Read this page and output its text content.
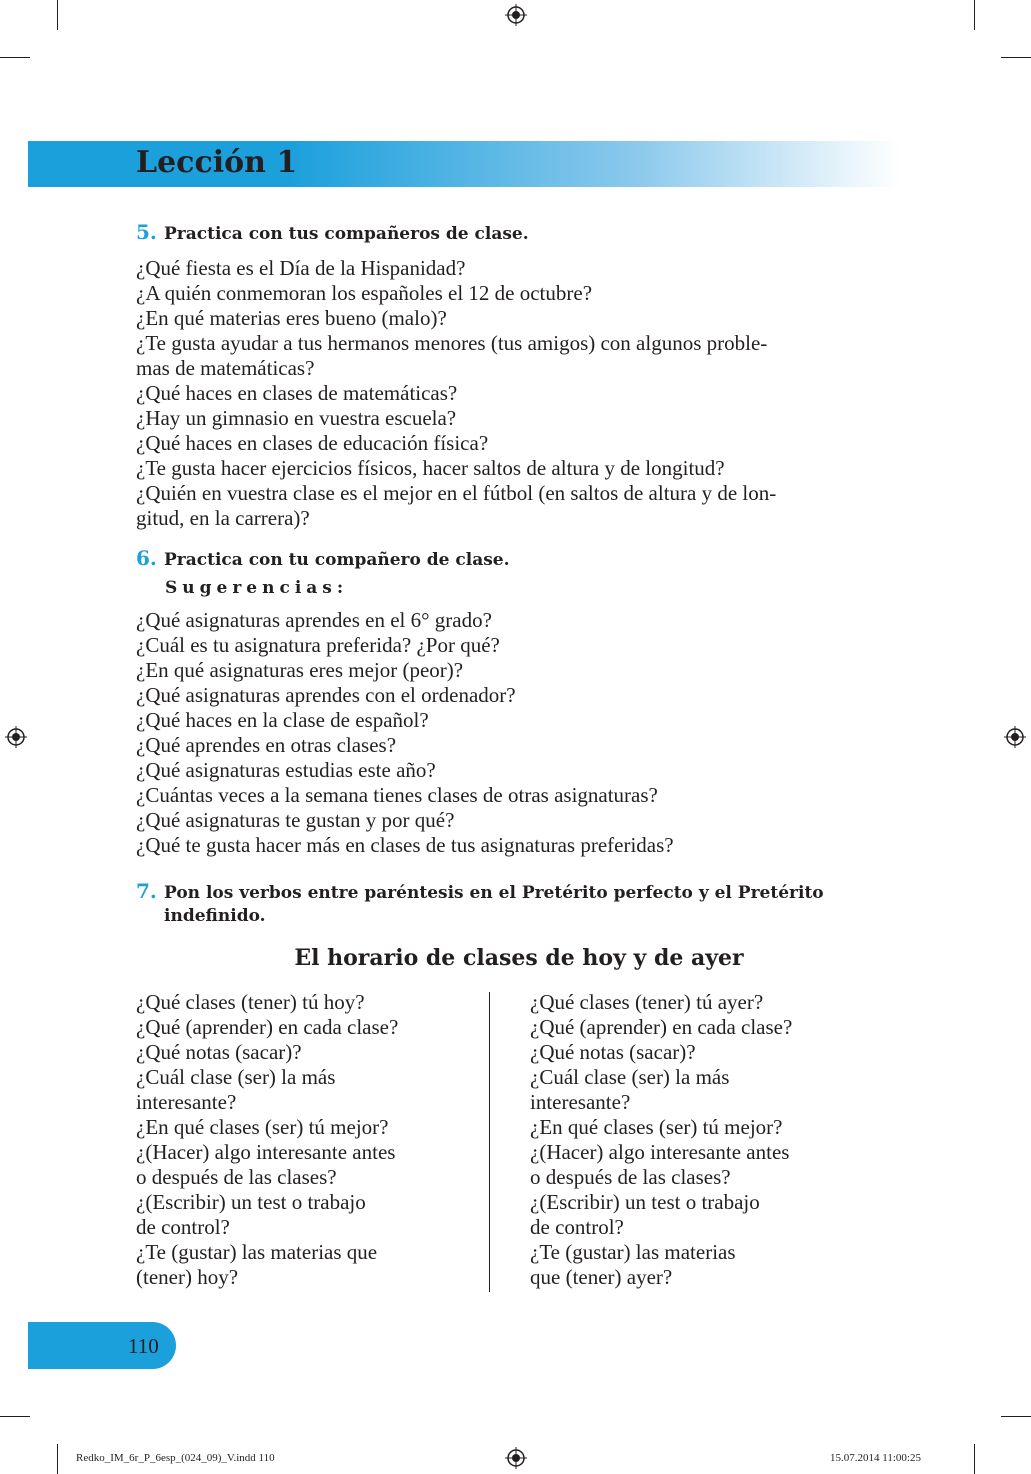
Lección 1
5. Practica con tus compañeros de clase.
¿Qué fiesta es el Día de la Hispanidad?
¿A quién conmemoran los españoles el 12 de octubre?
¿En qué materias eres bueno (malo)?
¿Te gusta ayudar a tus hermanos menores (tus amigos) con algunos proble-
mas de matemáticas?
¿Qué haces en clases de matemáticas?
¿Hay un gimnasio en vuestra escuela?
¿Qué haces en clases de educación física?
¿Te gusta hacer ejercicios físicos, hacer saltos de altura y de longitud?
¿Quién en vuestra clase es el mejor en el fútbol (en saltos de altura y de lon-
gitud, en la carrera)?
6. Practica con tu compañero de clase.
Sugerencias:
¿Qué asignaturas aprendes en el 6° grado?
¿Cuál es tu asignatura preferida? ¿Por qué?
¿En qué asignaturas eres mejor (peor)?
¿Qué asignaturas aprendes con el ordenador?
¿Qué haces en la clase de español?
¿Qué aprendes en otras clases?
¿Qué asignaturas estudias este año?
¿Cuántas veces a la semana tienes clases de otras asignaturas?
¿Qué asignaturas te gustan y por qué?
¿Qué te gusta hacer más en clases de tus asignaturas preferidas?
7. Pon los verbos entre paréntesis en el Pretérito perfecto y el Pretérito indefinido.
El horario de clases de hoy y de ayer
¿Qué clases (tener) tú hoy?
¿Qué (aprender) en cada clase?
¿Qué notas (sacar)?
¿Cuál clase (ser) la más
interesante?
¿En qué clases (ser) tú mejor?
¿(Hacer) algo interesante antes
o después de las clases?
¿(Escribir) un test o trabajo
de control?
¿Te (gustar) las materias que
(tener) hoy?
¿Qué clases (tener) tú ayer?
¿Qué (aprender) en cada clase?
¿Qué notas (sacar)?
¿Cuál clase (ser) la más
interesante?
¿En qué clases (ser) tú mejor?
¿(Hacer) algo interesante antes
o después de las clases?
¿(Escribir) un test o trabajo
de control?
¿Te (gustar) las materias
que (tener) ayer?
110
Redko_IM_6r_P_6esp_(024_09)_V.indd 110	15.07.2014 11:00:25
